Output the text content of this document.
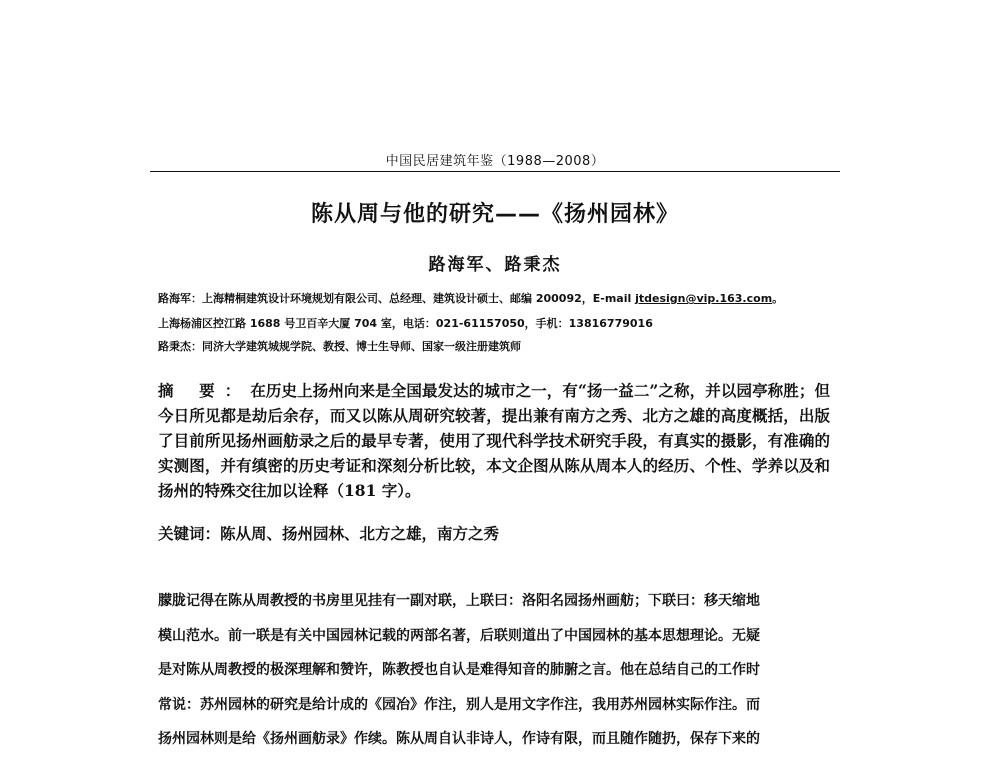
中国民居建筑年鉴（1988—2008）
陈从周与他的研究——《扬州园林》
路海军、路秉杰
路海军：上海精桐建筑设计环境规划有限公司、总经理、建筑设计硕士、邮编 200092，E-mail jtdesign@vip.163.com。
上海杨浦区控江路 1688 号卫百辛大厦 704 室，电话：021-61157050，手机：13816779016
路秉杰：同济大学建筑城规学院、教授、博士生导师、国家一级注册建筑师
摘 要：在历史上扬州向来是全国最发达的城市之一，有“扬一益二”之称，并以园亭称胜；但今日所见都是劫后余存，而又以陈从周研究较著，提出兼有南方之秀、北方之雄的高度概括，出版了目前所见扬州画舫录之后的最早专著，使用了现代科学技术研究手段，有真实的摄影，有准确的实测图，并有缜密的历史考证和深刻分析比较，本文企图从陈从周本人的经历、个性、学养以及和扬州的特殊交往加以诠释（181 字）。
关键词：陈从周、扬州园林、北方之雄，南方之秀
朦胧记得在陈从周教授的书房里见挂有一副对联，上联曰：洛阳名园扬州画舫；下联曰：移天缩地
模山范水。前一联是有关中国园林记载的两部名著，后联则道出了中国园林的基本思想理论。无疑
是对陈从周教授的极深理解和赞许，陈教授也自认是难得知音的肺腑之言。他在总结自己的工作时
常说：苏州园林的研究是给计成的《园冶》作注，别人是用文字作注，我用苏州园林实际作注。而
扬州园林则是给《扬州画舫录》作续。陈从周自认非诗人，作诗有限，而且随作随扔，保存下来的
